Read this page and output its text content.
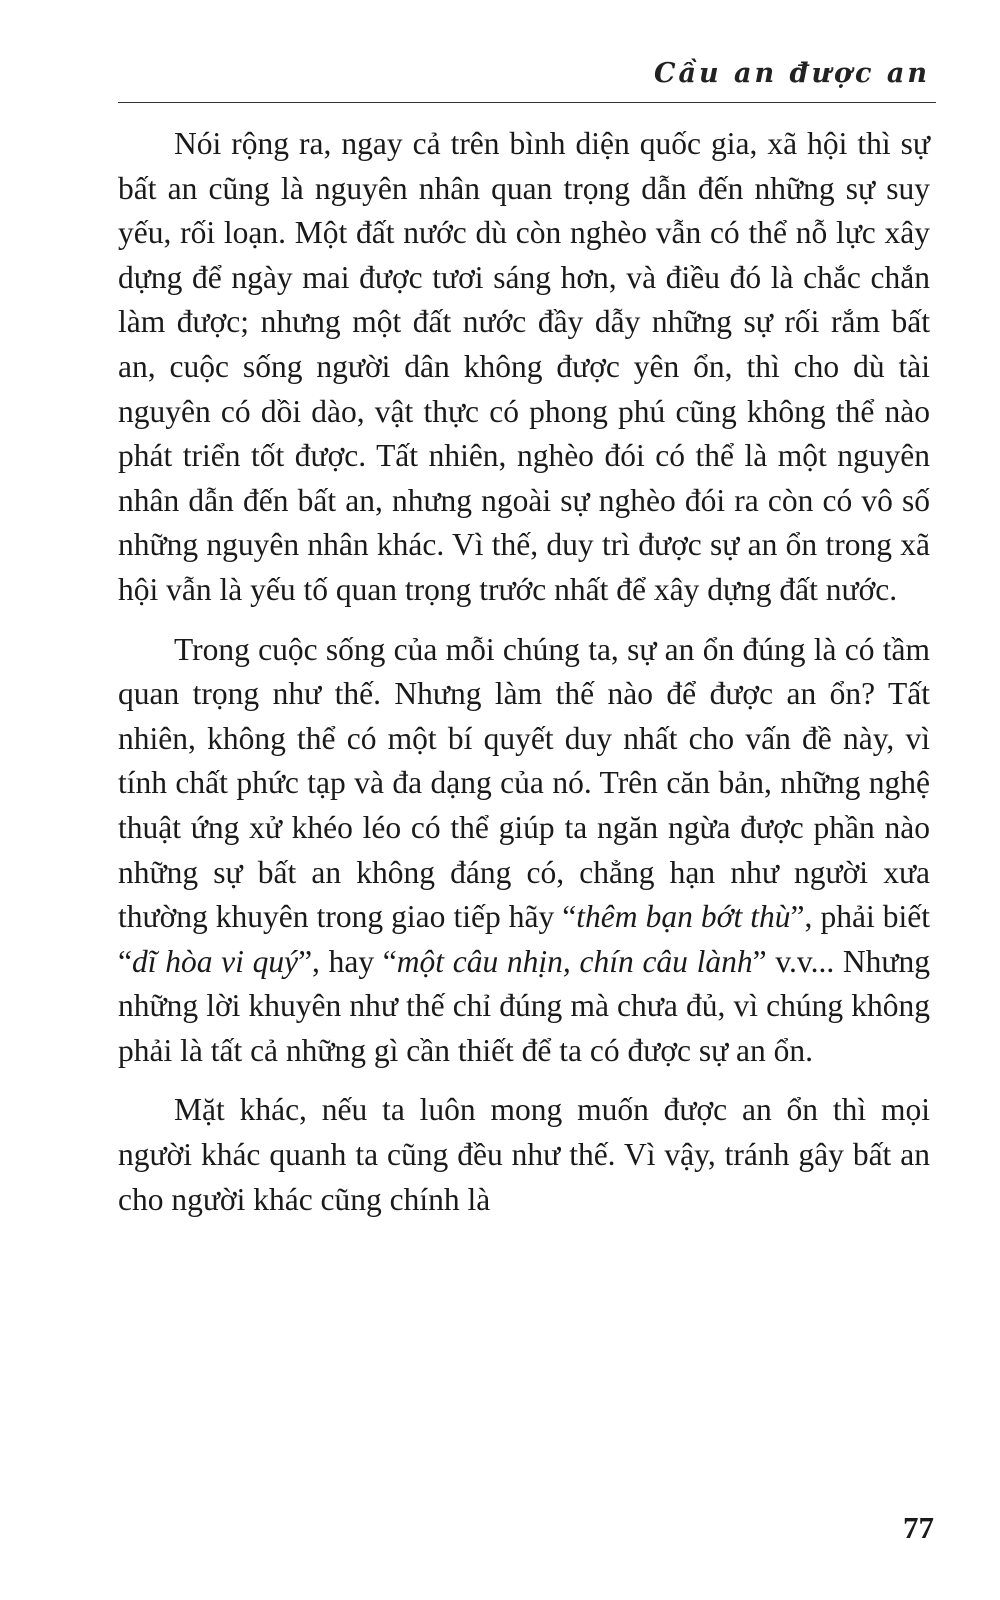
Cầu an được an

Nói rộng ra, ngay cả trên bình diện quốc gia, xã hội thì sự bất an cũng là nguyên nhân quan trọng dẫn đến những sự suy yếu, rối loạn. Một đất nước dù còn nghèo vẫn có thể nỗ lực xây dựng để ngày mai được tươi sáng hơn, và điều đó là chắc chắn làm được; nhưng một đất nước đầy dẫy những sự rối rắm bất an, cuộc sống người dân không được yên ổn, thì cho dù tài nguyên có dồi dào, vật thực có phong phú cũng không thể nào phát triển tốt được. Tất nhiên, nghèo đói có thể là một nguyên nhân dẫn đến bất an, nhưng ngoài sự nghèo đói ra còn có vô số những nguyên nhân khác. Vì thế, duy trì được sự an ổn trong xã hội vẫn là yếu tố quan trọng trước nhất để xây dựng đất nước.

Trong cuộc sống của mỗi chúng ta, sự an ổn đúng là có tầm quan trọng như thế. Nhưng làm thế nào để được an ổn? Tất nhiên, không thể có một bí quyết duy nhất cho vấn đề này, vì tính chất phức tạp và đa dạng của nó. Trên căn bản, những nghệ thuật ứng xử khéo léo có thể giúp ta ngăn ngừa được phần nào những sự bất an không đáng có, chẳng hạn như người xưa thường khuyên trong giao tiếp hãy “thêm bạn bớt thù”, phải biết “dĩ hòa vi quý”, hay “một câu nhịn, chín câu lành” v.v... Nhưng những lời khuyên như thế chỉ đúng mà chưa đủ, vì chúng không phải là tất cả những gì cần thiết để ta có được sự an ổn.

Mặt khác, nếu ta luôn mong muốn được an ổn thì mọi người khác quanh ta cũng đều như thế. Vì vậy, tránh gây bất an cho người khác cũng chính là

77
